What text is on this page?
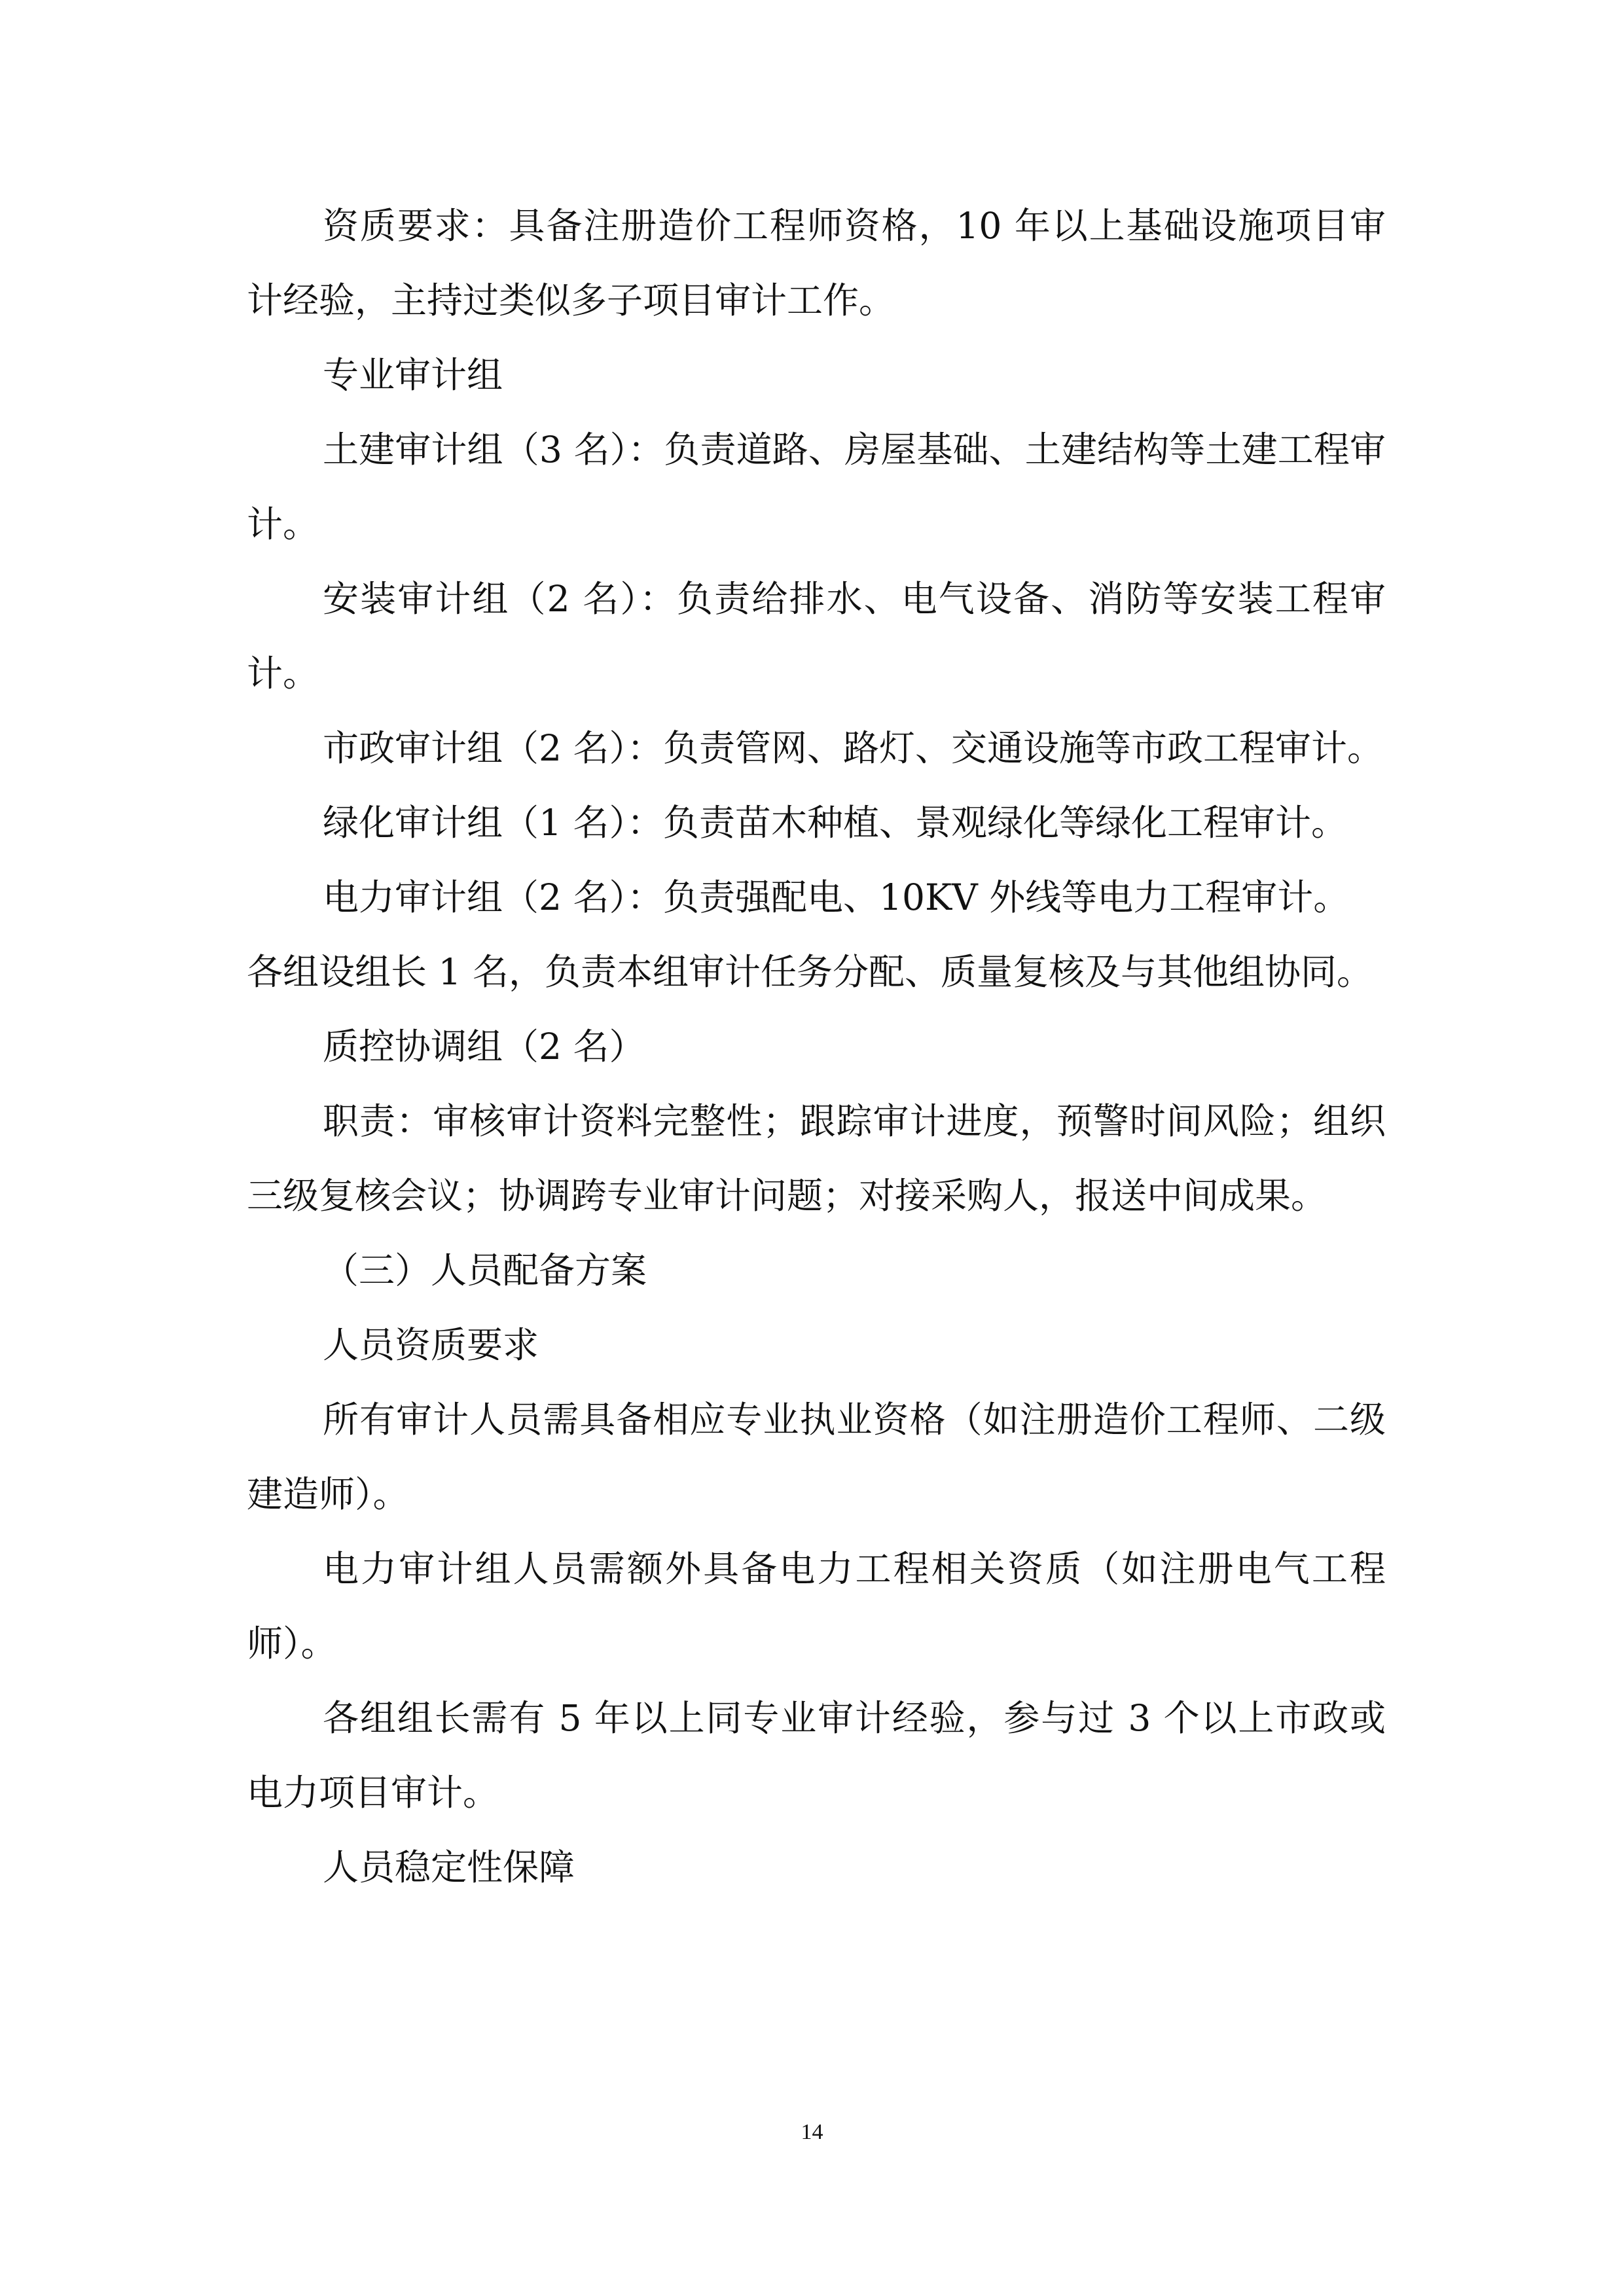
资质要求：具备注册造价工程师资格，10 年以上基础设施项目审计经验，主持过类似多子项目审计工作。

专业审计组

土建审计组（3 名）：负责道路、房屋基础、土建结构等土建工程审计。

安装审计组（2 名）：负责给排水、电气设备、消防等安装工程审计。

市政审计组（2 名）：负责管网、路灯、交通设施等市政工程审计。

绿化审计组（1 名）：负责苗木种植、景观绿化等绿化工程审计。

电力审计组（2 名）：负责强配电、10KV 外线等电力工程审计。

各组设组长 1 名，负责本组审计任务分配、质量复核及与其他组协同。

质控协调组（2 名）

职责：审核审计资料完整性；跟踪审计进度，预警时间风险；组织三级复核会议；协调跨专业审计问题；对接采购人，报送中间成果。

（三）人员配备方案

人员资质要求

所有审计人员需具备相应专业执业资格（如注册造价工程师、二级建造师）。

电力审计组人员需额外具备电力工程相关资质（如注册电气工程师）。

各组组长需有 5 年以上同专业审计经验，参与过 3 个以上市政或电力项目审计。

人员稳定性保障

14
